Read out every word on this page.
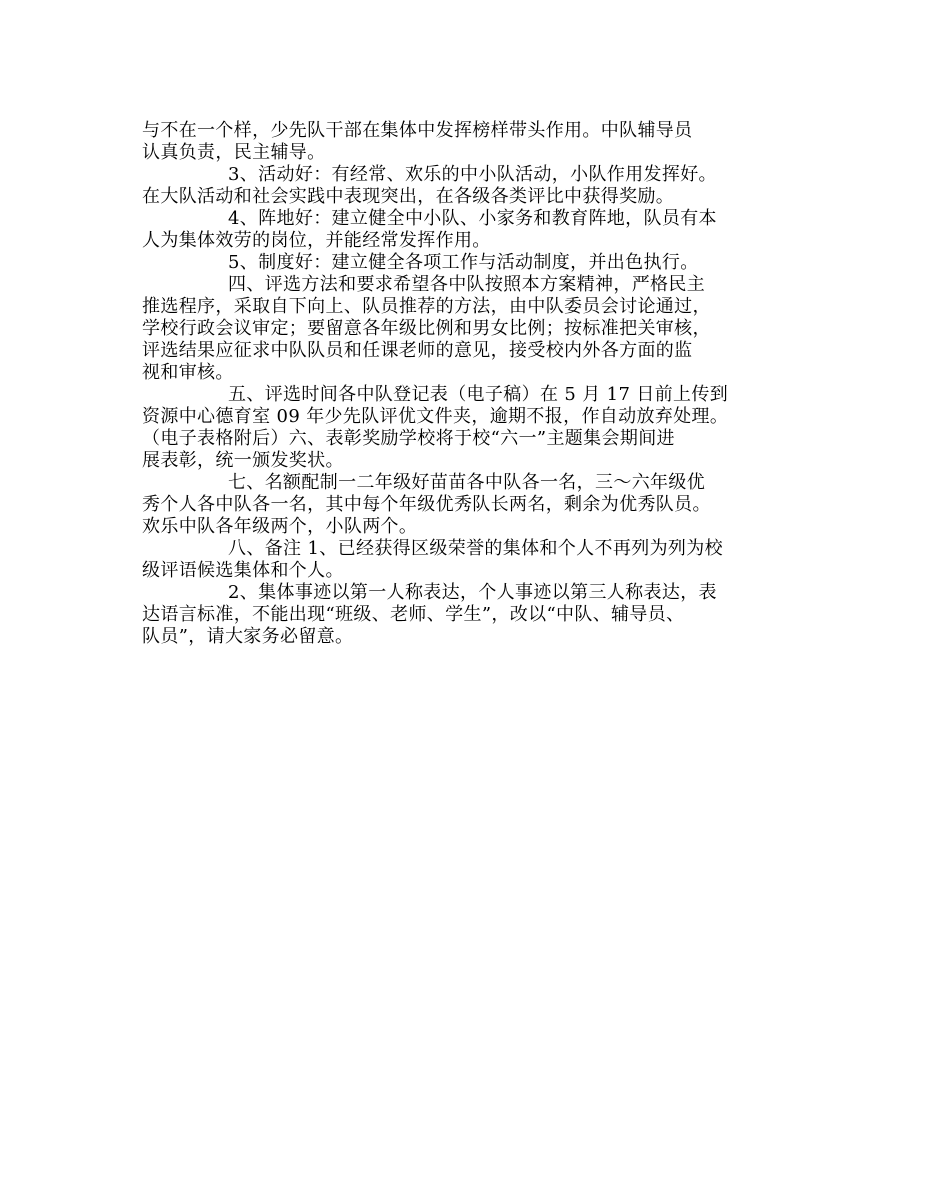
与不在一个样，少先队干部在集体中发挥榜样带头作用。中队辅导员
认真负责，民主辅导。
3、活动好：有经常、欢乐的中小队活动，小队作用发挥好。
在大队活动和社会实践中表现突出，在各级各类评比中获得奖励。
4、阵地好：建立健全中小队、小家务和教育阵地，队员有本
人为集体效劳的岗位，并能经常发挥作用。
5、制度好：建立健全各项工作与活动制度，并出色执行。
四、评选方法和要求希望各中队按照本方案精神，严格民主
推选程序，采取自下向上、队员推荐的方法，由中队委员会讨论通过，
学校行政会议审定；要留意各年级比例和男女比例；按标准把关审核，
评选结果应征求中队队员和任课老师的意见，接受校内外各方面的监
视和审核。
五、评选时间各中队登记表（电子稿）在 5 月 17 日前上传到
资源中心德育室 09 年少先队评优文件夹，逾期不报，作自动放弃处理。
（电子表格附后）六、表彰奖励学校将于校“六一”主题集会期间进
展表彰，统一颁发奖状。
七、名额配制一二年级好苗苗各中队各一名，三～六年级优
秀个人各中队各一名，其中每个年级优秀队长两名，剩余为优秀队员。
欢乐中队各年级两个，小队两个。
八、备注 1、已经获得区级荣誉的集体和个人不再列为列为校
级评语候选集体和个人。
2、集体事迹以第一人称表达，个人事迹以第三人称表达，表
达语言标准，不能出现“班级、老师、学生”，改以“中队、辅导员、
队员”，请大家务必留意。
